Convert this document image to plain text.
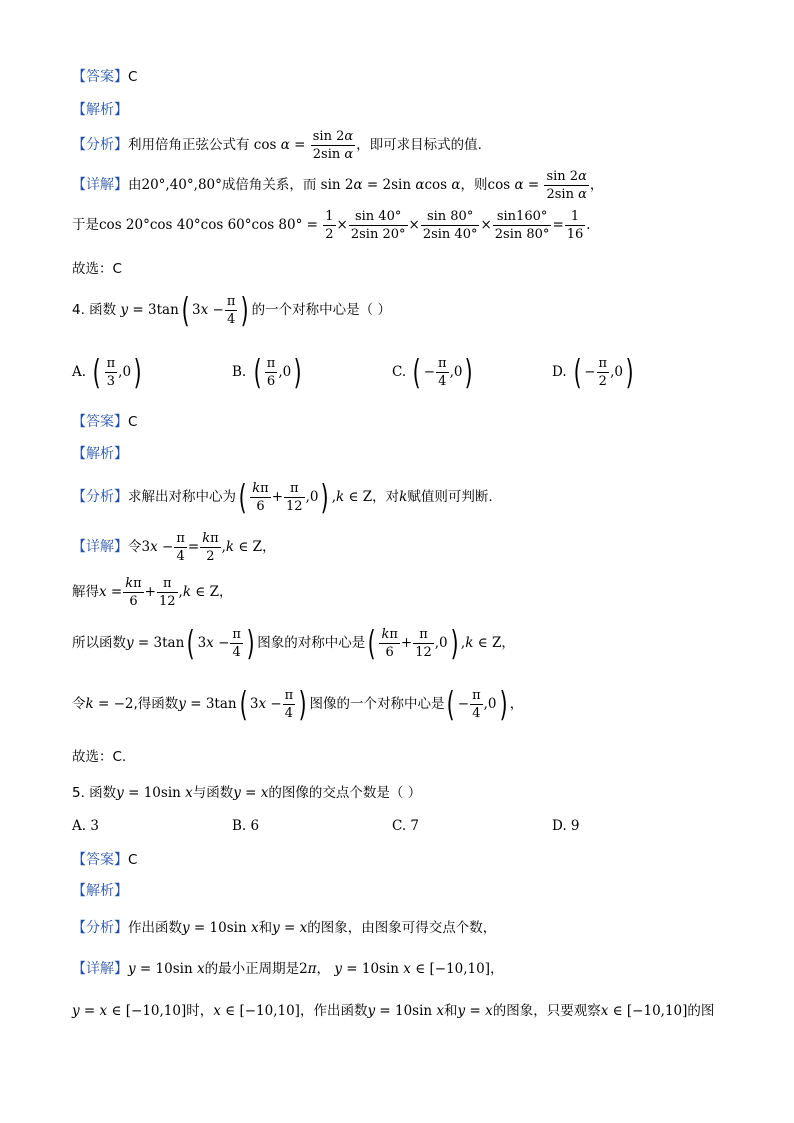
【答案】C
【解析】
【分析】利用倍角正弦公式有 $\cos \alpha = \frac{\sin 2\alpha}{\text{2sin α}}$ ，即可求目标式的值.
【详解】由20°,40°,80°成倍角关系，而 sin 2α = 2sin αcos α，则$\cos \alpha = \frac{\sin 2\alpha}{\text{2sin α}}$ ，
于是cos 20°cos 40°cos 60°cos $80^\circ = \frac{1}{2} \times \frac{\sin 40^\circ}{2\sin 20^\circ} \times \frac{\sin 80^\circ}{2\sin 40^\circ} \times \frac{\sin 160^\circ}{2\sin 80^\circ} = \frac{1}{16}$ .
故选：C
4. 函数 y = 3tan( $3x - \frac{\pi}{4}$ ) 的一个对称中心是（ ）
A. ( $\frac{\pi}{3} ,0$)	B. ( $\frac{\pi}{6} ,0$)	C. ( − $\frac{\pi}{4} ,0$)	D. ( − $\frac{\pi}{2} ,0$)
【答案】C
【解析】
【分析】求解出对称中心为( $\frac{k\pi}{6} + \frac{\pi}{12} ,0$) ,k ∈ Z，对k赋值则可判断.
【详解】令$3x - \frac{\pi}{4} = \frac{k\pi}{2} ,k$ ∈ Z，
解得$x = \frac{k\pi}{6} + \frac{\pi}{12} ,k$ ∈ Z，
所以函数y = 3tan( $3x - \frac{\pi}{4}$ ) 图象的对称中心是( $\frac{k\pi}{6} + \frac{\pi}{12} ,0$) ,k ∈ Z，
令k = −2,得函数y = 3tan( $3x - \frac{\pi}{4}$ ) 图像的一个对称中心是( − $\frac{\pi}{4} ,0$) ，
故选：C.
5. 函数y = 10sin x与函数y = x的图像的交点个数是（ ）
A. 3	B. 6	C. 7	D. 9
【答案】C
【解析】
【分析】作出函数y = 10sin x和y = x的图象，由图象可得交点个数，
【详解】y = 10sin x的最小正周期是2π， y = 10sin x ∈ [−10,10]，
y = x ∈ [−10,10]时，x ∈ [−10,10]，作出函数y = 10sin x和y = x的图象，只要观察x ∈ [−10,10]的图
